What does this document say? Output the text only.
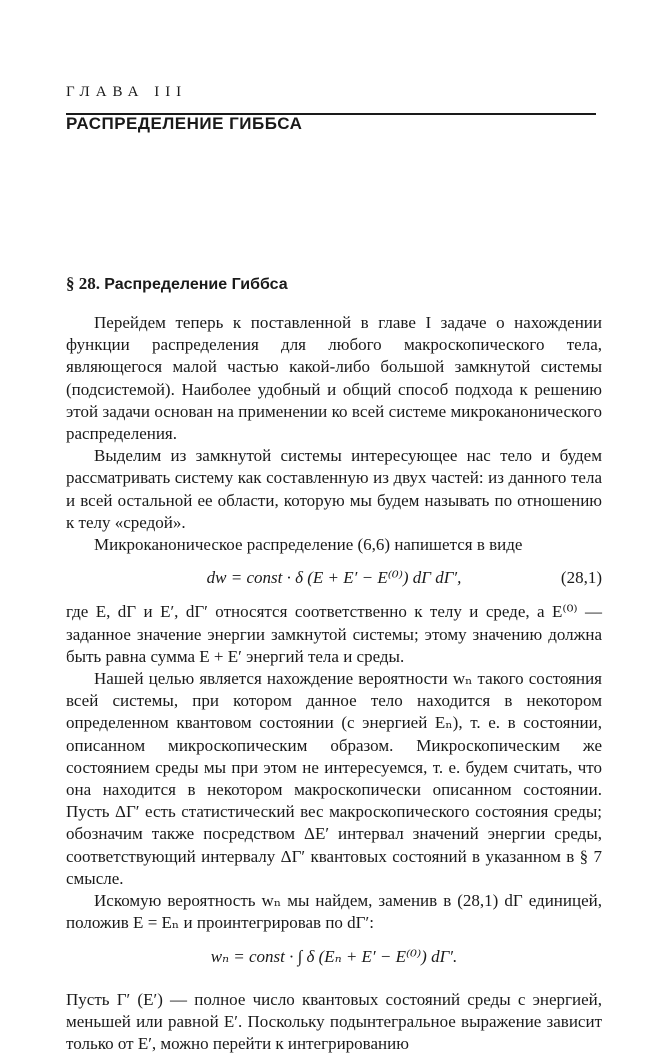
ГЛАВА III
РАСПРЕДЕЛЕНИЕ ГИББСА
§ 28. Распределение Гиббса

Перейдем теперь к поставленной в главе I задаче о нахождении функции распределения для любого макроскопического тела, являющегося малой частью какой-либо большой замкнутой системы (подсистемой). Наиболее удобный и общий способ подхода к решению этой задачи основан на применении ко всей системе микроканонического распределения.

Выделим из замкнутой системы интересующее нас тело и будем рассматривать систему как составленную из двух частей: из данного тела и всей остальной ее области, которую мы будем называть по отношению к телу «средой».

Микроканоническое распределение (6,6) напишется в виде

dw = const · δ (E + E′ − E⁽⁰⁾) dΓ dΓ′,	(28,1)

где E, dΓ и E′, dΓ′ относятся соответственно к телу и среде, а E⁽⁰⁾ — заданное значение энергии замкнутой системы; этому значению должна быть равна сумма E + E′ энергий тела и среды.

Нашей целью является нахождение вероятности wₙ такого состояния всей системы, при котором данное тело находится в некотором определенном квантовом состоянии (с энергией Eₙ), т. е. в состоянии, описанном микроскопическим образом. Микроскопическим же состоянием среды мы при этом не интересуемся, т. е. будем считать, что она находится в некотором макроскопически описанном состоянии. Пусть ΔΓ′ есть статистический вес макроскопического состояния среды; обозначим также посредством ΔE′ интервал значений энергии среды, соответствующий интервалу ΔΓ′ квантовых состояний в указанном в § 7 смысле.

Искомую вероятность wₙ мы найдем, заменив в (28,1) dΓ единицей, положив E = Eₙ и проинтегрировав по dΓ′:

wₙ = const · ∫ δ (Eₙ + E′ − E⁽⁰⁾) dΓ′.

Пусть Γ′ (E′) — полное число квантовых состояний среды с энергией, меньшей или равной E′. Поскольку подынтегральное выражение зависит только от E′, можно перейти к интегрированию
